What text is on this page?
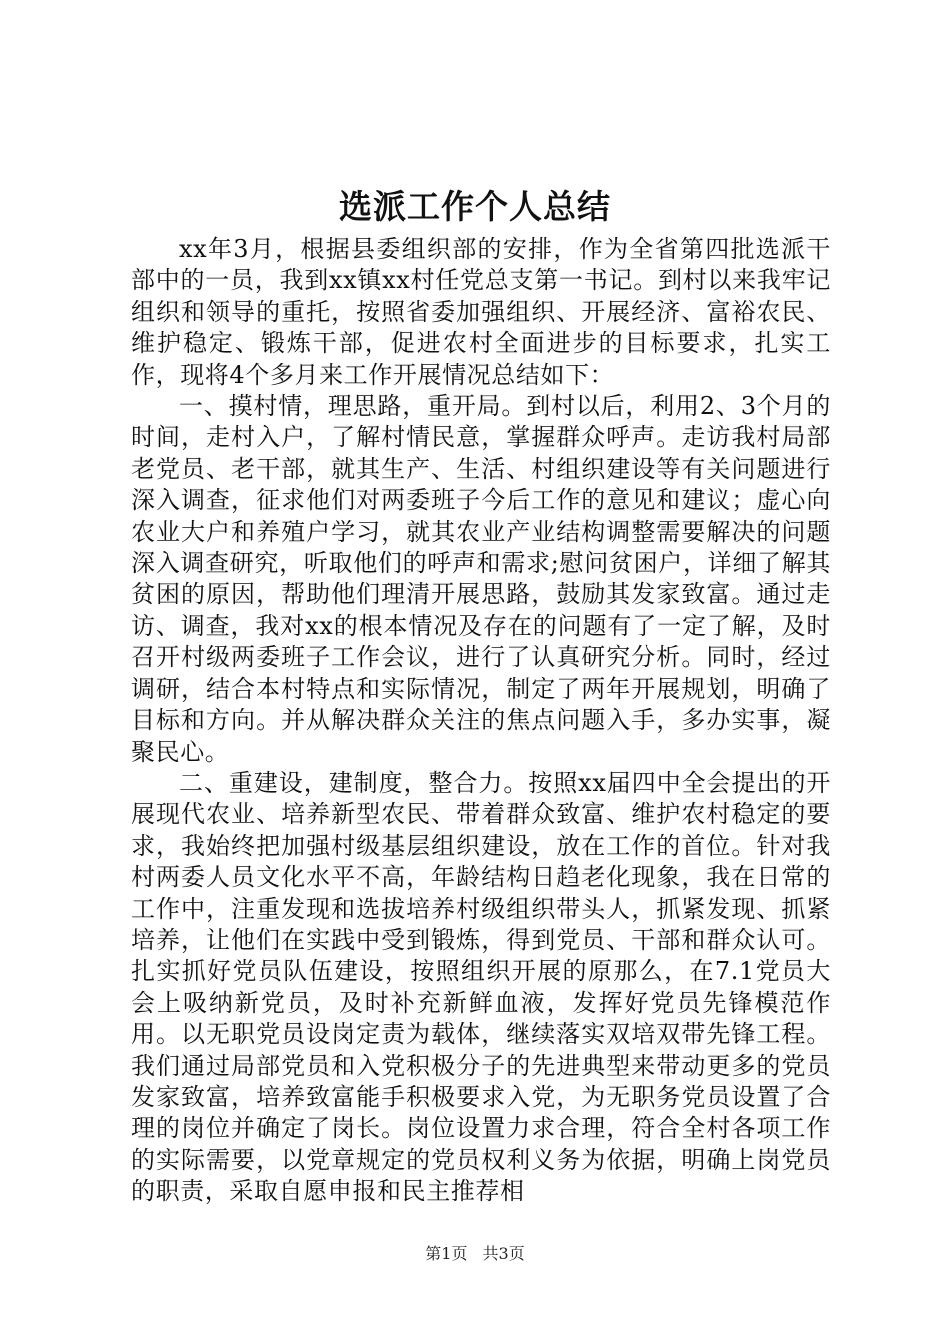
选派工作个人总结

xx年3月，根据县委组织部的安排，作为全省第四批选派干部中的一员，我到xx镇xx村任党总支第一书记。到村以来我牢记组织和领导的重托，按照省委加强组织、开展经济、富裕农民、维护稳定、锻炼干部，促进农村全面进步的目标要求，扎实工作，现将4个多月来工作开展情况总结如下：

一、摸村情，理思路，重开局。到村以后，利用2、3个月的时间，走村入户，了解村情民意，掌握群众呼声。走访我村局部老党员、老干部，就其生产、生活、村组织建设等有关问题进行深入调查，征求他们对两委班子今后工作的意见和建议；虚心向农业大户和养殖户学习，就其农业产业结构调整需要解决的问题深入调查研究，听取他们的呼声和需求;慰问贫困户，详细了解其贫困的原因，帮助他们理清开展思路，鼓励其发家致富。通过走访、调查，我对xx的根本情况及存在的问题有了一定了解，及时召开村级两委班子工作会议，进行了认真研究分析。同时，经过调研，结合本村特点和实际情况，制定了两年开展规划，明确了目标和方向。并从解决群众关注的焦点问题入手，多办实事，凝聚民心。

二、重建设，建制度，整合力。按照xx届四中全会提出的开展现代农业、培养新型农民、带着群众致富、维护农村稳定的要求，我始终把加强村级基层组织建设，放在工作的首位。针对我村两委人员文化水平不高，年龄结构日趋老化现象，我在日常的工作中，注重发现和选拔培养村级组织带头人，抓紧发现、抓紧培养，让他们在实践中受到锻炼，得到党员、干部和群众认可。扎实抓好党员队伍建设，按照组织开展的原那么，在7.1党员大会上吸纳新党员，及时补充新鲜血液，发挥好党员先锋模范作用。以无职党员设岗定责为载体，继续落实双培双带先锋工程。我们通过局部党员和入党积极分子的先进典型来带动更多的党员发家致富，培养致富能手积极要求入党，为无职务党员设置了合理的岗位并确定了岗长。岗位设置力求合理，符合全村各项工作的实际需要，以党章规定的党员权利义务为依据，明确上岗党员的职责，采取自愿申报和民主推荐相

第1页 共3页
